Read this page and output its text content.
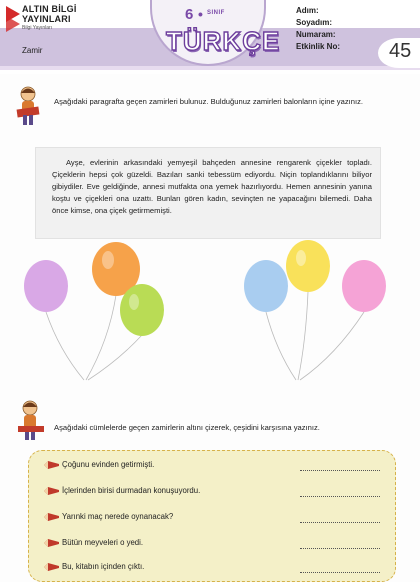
ALTIN BİLGİ
YAYINLARI
Bilgi Yayınları
Zamir
6 • SINIF
TÜRKÇE
Adım:
Soyadım:
Numaram:
Etkinlik No: 45
Aşağıdaki paragrafta geçen zamirleri bulunuz. Bulduğunuz zamirleri balonların içine yazınız.

Ayşe, evlerinin arkasındaki yemyeşil bahçeden annesine rengarenk çiçekler topladı. Çiçeklerin hepsi çok güzeldi. Bazıları sanki tebessüm ediyordu. Niçin toplandıklarını biliyor gibiydiler. Eve geldiğinde, annesi mutfakta ona yemek hazırlıyordu. Hemen annesinin yanına koştu ve çiçekleri ona uzattı. Bunları gören kadın, sevinçten ne yapacağını bilemedi. Daha önce kimse, ona çiçek getirmemişti.

Aşağıdaki cümlelerde geçen zamirlerin altını çizerek, çeşidini karşısına yazınız.
Çoğunu evinden getirmişti.
İçlerinden birisi durmadan konuşuyordu.
Yarınki maç nerede oynanacak?
Bütün meyveleri o yedi.
Bu, kitabın içinden çıktı.
